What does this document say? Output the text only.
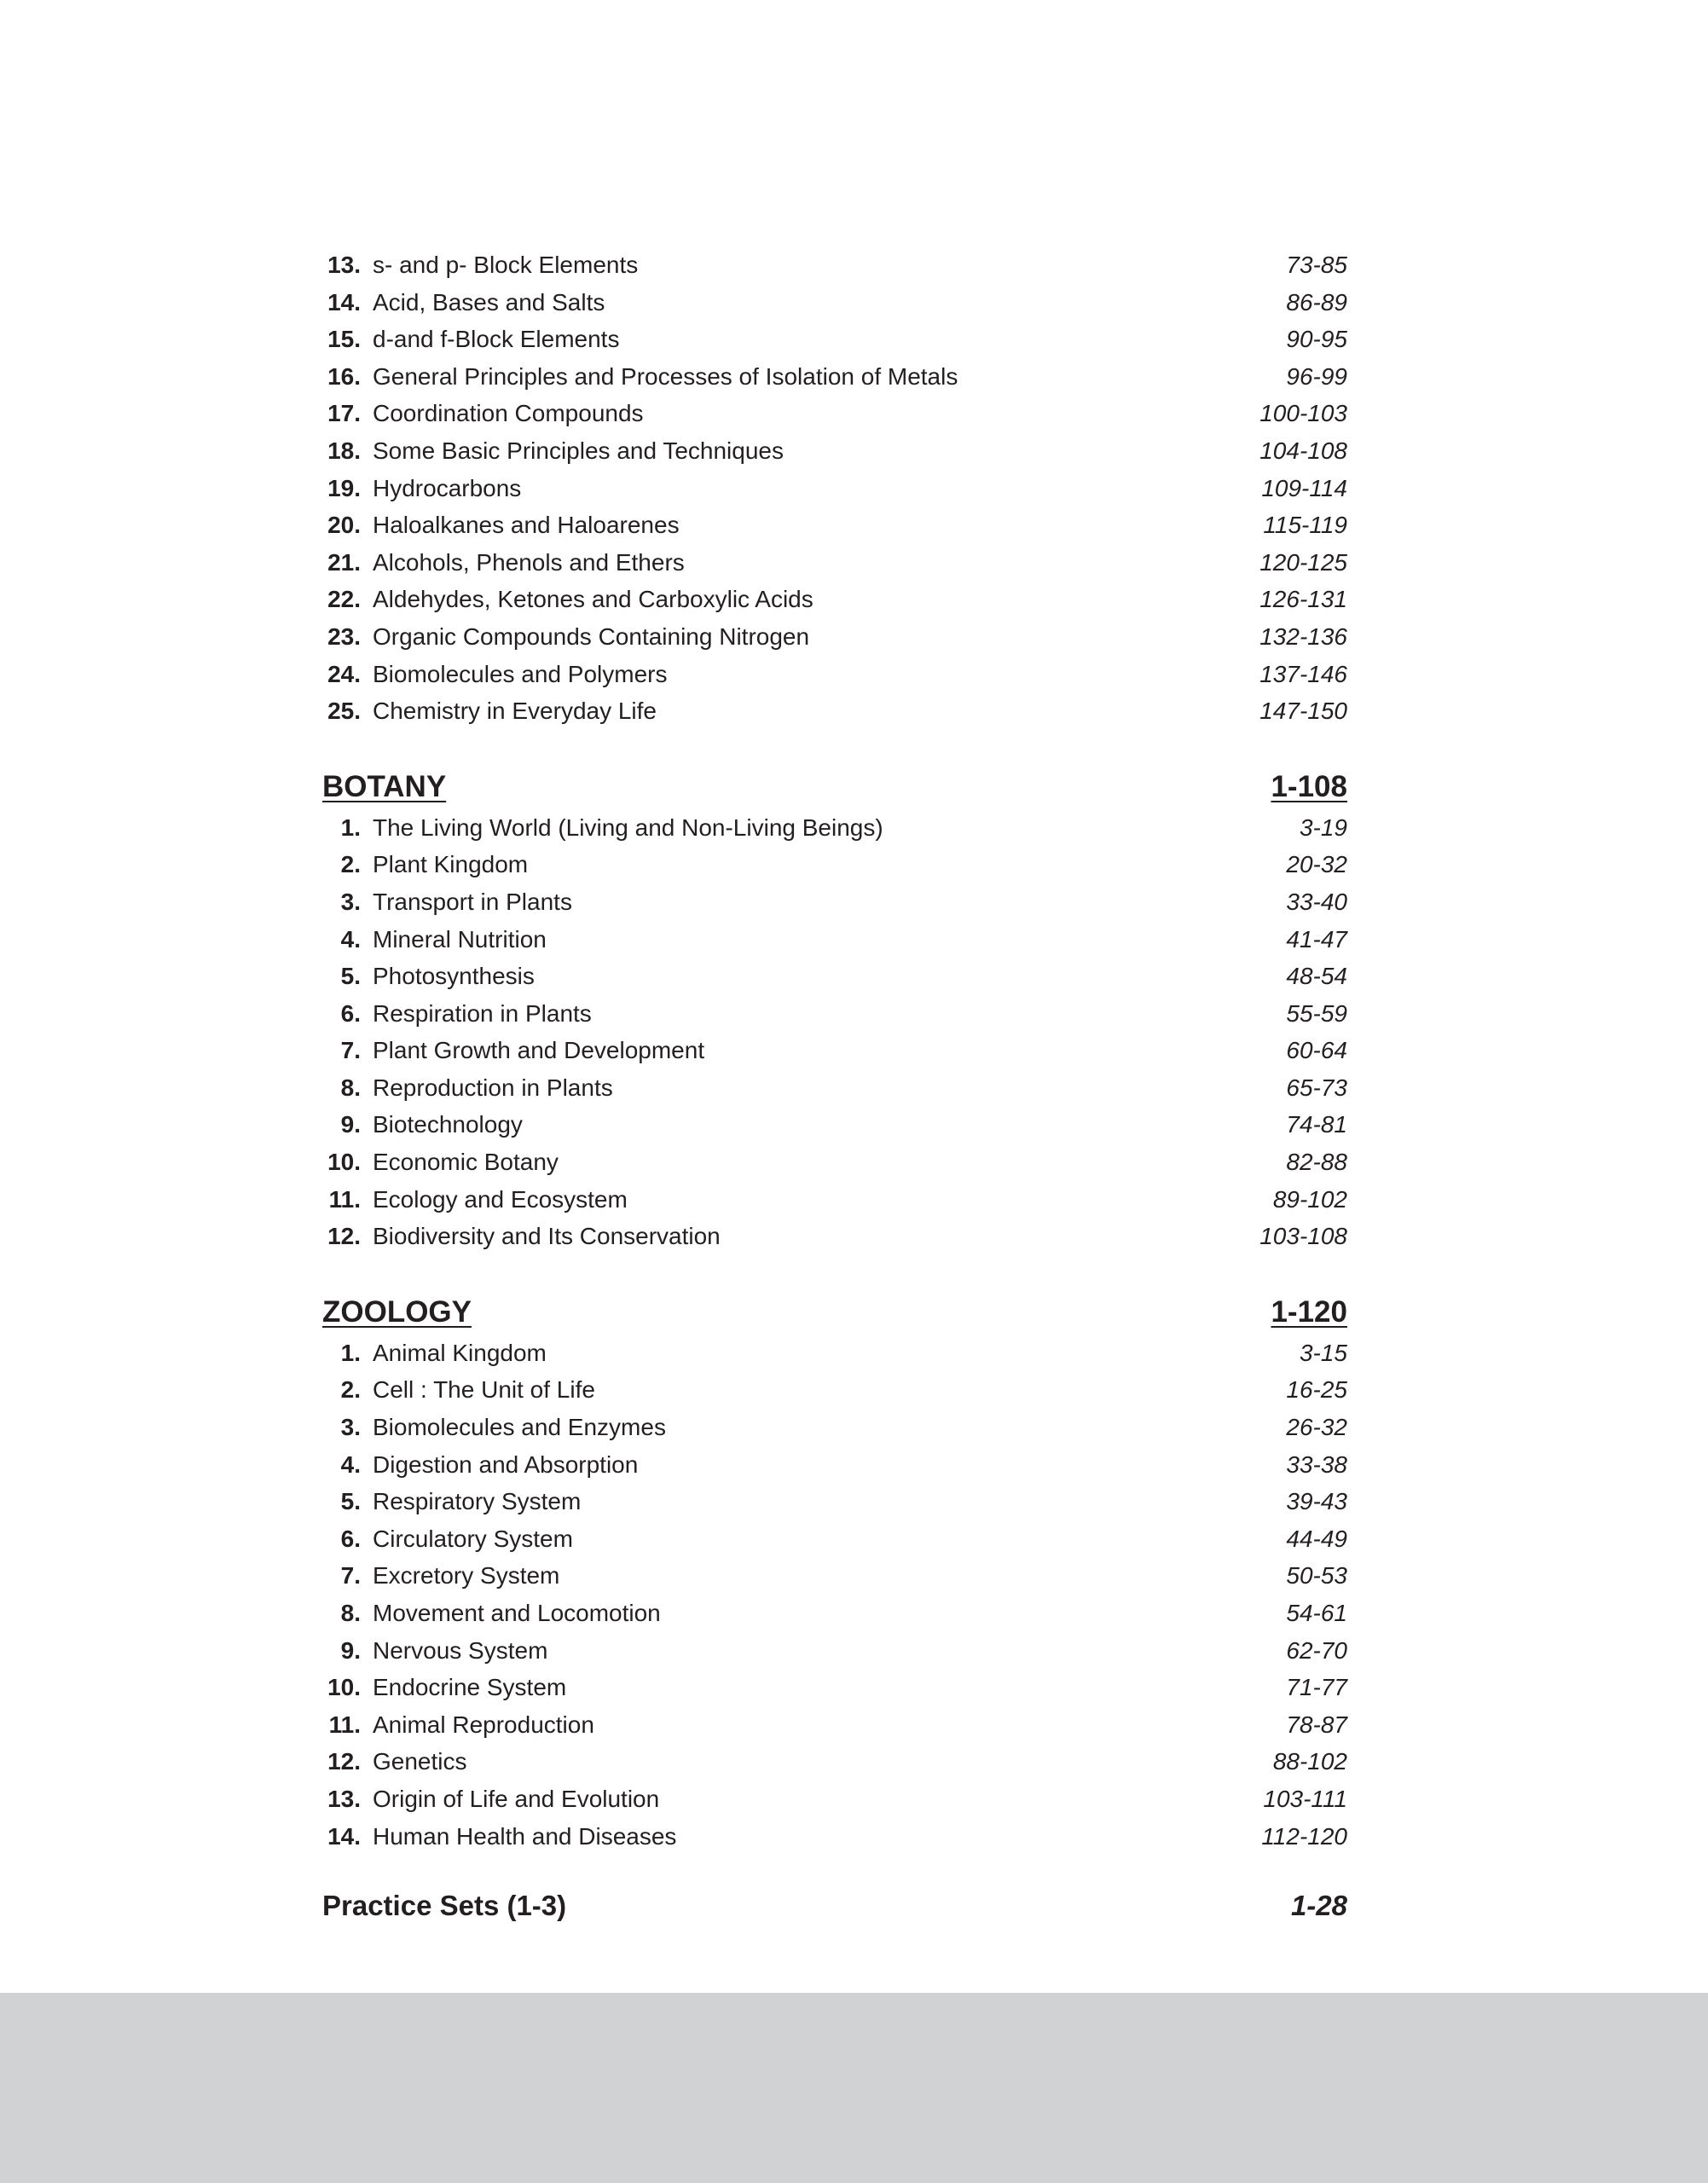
13. s- and p- Block Elements	73-85
14. Acid, Bases and Salts	86-89
15. d-and f-Block Elements	90-95
16. General Principles and Processes of Isolation of Metals	96-99
17. Coordination Compounds	100-103
18. Some Basic Principles and Techniques	104-108
19. Hydrocarbons	109-114
20. Haloalkanes and Haloarenes	115-119
21. Alcohols, Phenols and Ethers	120-125
22. Aldehydes, Ketones and Carboxylic Acids	126-131
23. Organic Compounds Containing Nitrogen	132-136
24. Biomolecules and Polymers	137-146
25. Chemistry in Everyday Life	147-150
BOTANY	1-108
1. The Living World (Living and Non-Living Beings)	3-19
2. Plant Kingdom	20-32
3. Transport in Plants	33-40
4. Mineral Nutrition	41-47
5. Photosynthesis	48-54
6. Respiration in Plants	55-59
7. Plant Growth and Development	60-64
8. Reproduction in Plants	65-73
9. Biotechnology	74-81
10. Economic Botany	82-88
11. Ecology and Ecosystem	89-102
12. Biodiversity and Its Conservation	103-108
ZOOLOGY	1-120
1. Animal Kingdom	3-15
2. Cell : The Unit of Life	16-25
3. Biomolecules and Enzymes	26-32
4. Digestion and Absorption	33-38
5. Respiratory System	39-43
6. Circulatory System	44-49
7. Excretory System	50-53
8. Movement and Locomotion	54-61
9. Nervous System	62-70
10. Endocrine System	71-77
11. Animal Reproduction	78-87
12. Genetics	88-102
13. Origin of Life and Evolution	103-111
14. Human Health and Diseases	112-120
Practice Sets (1-3)	1-28
